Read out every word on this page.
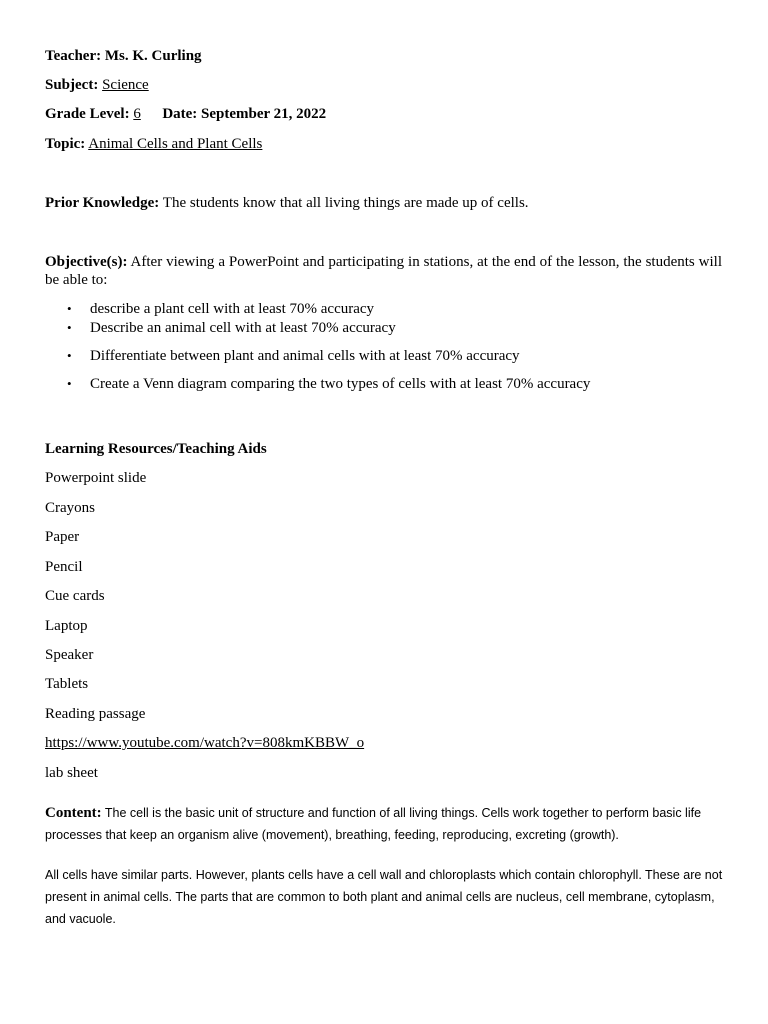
Teacher: Ms. K. Curling
Subject: Science
Grade Level: 6 Date: September 21, 2022
Topic: Animal Cells and Plant Cells
Prior Knowledge: The students know that all living things are made up of cells.
Objective(s): After viewing a PowerPoint and participating in stations, at the end of the lesson, the students will be able to:
• describe a plant cell with at least 70% accuracy
• Describe an animal cell with at least 70% accuracy
• Differentiate between plant and animal cells with at least 70% accuracy
• Create a Venn diagram comparing the two types of cells with at least 70% accuracy
Learning Resources/Teaching Aids
Powerpoint slide
Crayons
Paper
Pencil
Cue cards
Laptop
Speaker
Tablets
Reading passage
https://www.youtube.com/watch?v=808kmKBBW_o
lab sheet
Content: The cell is the basic unit of structure and function of all living things. Cells work together to perform basic life processes that keep an organism alive (movement), breathing, feeding, reproducing, excreting (growth).
All cells have similar parts. However, plants cells have a cell wall and chloroplasts which contain chlorophyll. These are not present in animal cells. The parts that are common to both plant and animal cells are nucleus, cell membrane, cytoplasm, and vacuole.
